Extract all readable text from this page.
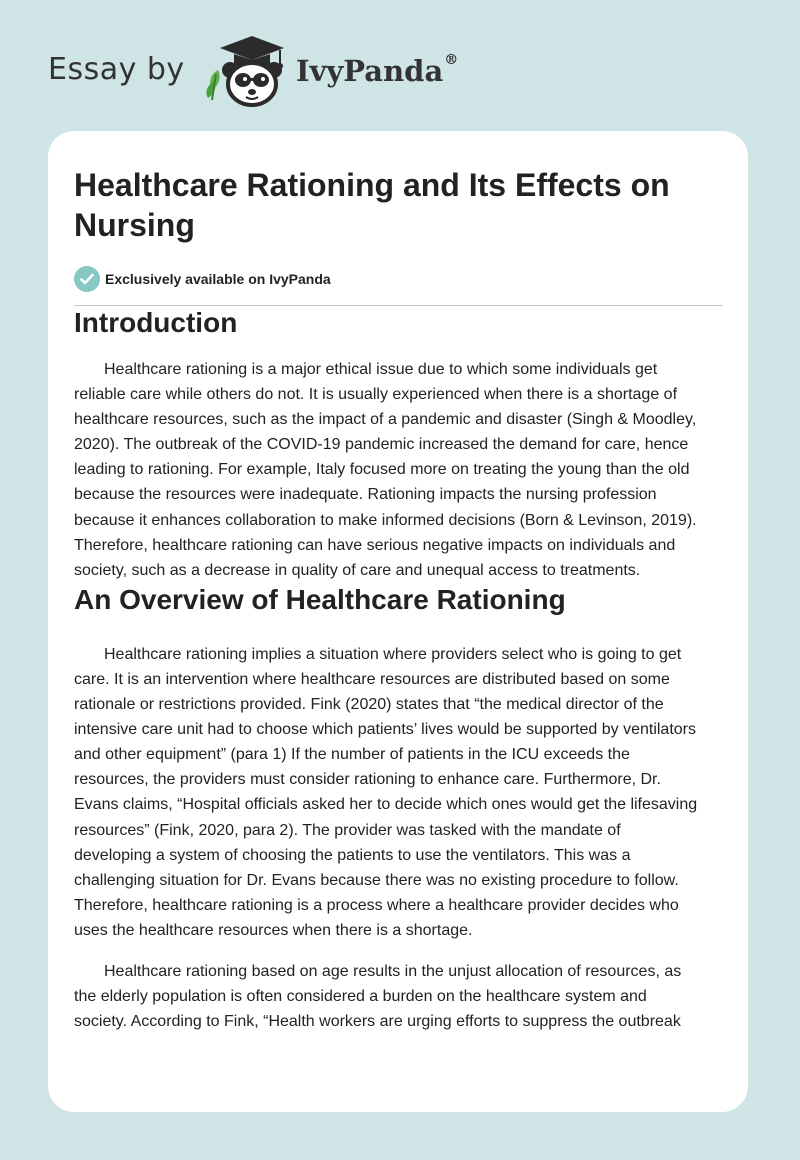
Essay by	IvyPanda®
Healthcare Rationing and Its Effects on
Nursing
Exclusively available on IvyPanda
Introduction

Healthcare rationing is a major ethical issue due to which some individuals get
reliable care while others do not. It is usually experienced when there is a shortage of
healthcare resources, such as the impact of a pandemic and disaster (Singh & Moodley,
2020). The outbreak of the COVID-19 pandemic increased the demand for care, hence
leading to rationing. For example, Italy focused more on treating the young than the old
because the resources were inadequate. Rationing impacts the nursing profession
because it enhances collaboration to make informed decisions (Born & Levinson, 2019).
Therefore, healthcare rationing can have serious negative impacts on individuals and
society, such as a decrease in quality of care and unequal access to treatments.

An Overview of Healthcare Rationing

Healthcare rationing implies a situation where providers select who is going to get
care. It is an intervention where healthcare resources are distributed based on some
rationale or restrictions provided. Fink (2020) states that “the medical director of the
intensive care unit had to choose which patients’ lives would be supported by ventilators
and other equipment” (para 1) If the number of patients in the ICU exceeds the
resources, the providers must consider rationing to enhance care. Furthermore, Dr.
Evans claims, “Hospital officials asked her to decide which ones would get the lifesaving
resources” (Fink, 2020, para 2). The provider was tasked with the mandate of
developing a system of choosing the patients to use the ventilators. This was a
challenging situation for Dr. Evans because there was no existing procedure to follow.
Therefore, healthcare rationing is a process where a healthcare provider decides who
uses the healthcare resources when there is a shortage.

Healthcare rationing based on age results in the unjust allocation of resources, as
the elderly population is often considered a burden on the healthcare system and
society. According to Fink, “Health workers are urging efforts to suppress the outbreak
